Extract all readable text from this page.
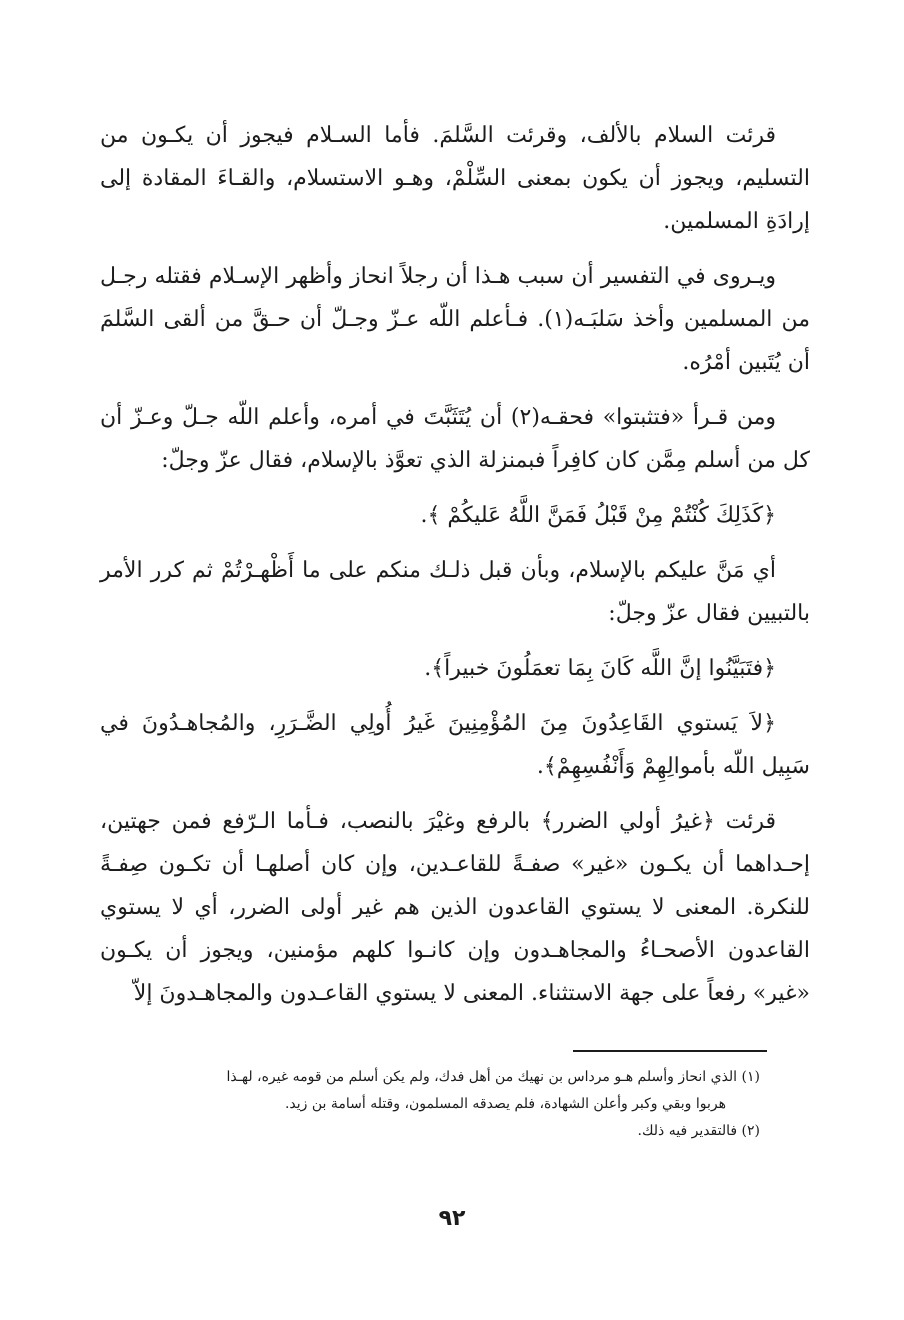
قرئت السلام بالألف، وقرئت السَّلمَ. فأما السـلام فيجوز أن يكـون من التسليم، ويجوز أن يكون بمعنى السِّلْمْ، وهـو الاستسلام، والقـاءَ المقادة إلى إرادَةِ المسلمين.

ويـروى في التفسير أن سبب هـذا أن رجلاً انحاز وأظهر الإسـلام فقتله رجـل من المسلمين وأخذ سَلبَـه(١). فـأعلم اللّه عـزّ وجـلّ أن حـقَّ من ألقى السَّلمَ أن يُتَبين أمْرُه.

ومن قـرأ «فتثبتوا» فحقـه(٢) أن يُتَثَبَّتَ في أمره، وأعلم اللّه جـلّ وعـزّ أن كل من أسلم مِمَّن كان كافِراً فبمنزلة الذي تعوَّذ بالإسلام، فقال عزّ وجلّ:

﴿كَذَلِكَ كُنْتُمْ مِنْ قَبْلُ فَمَنَّ اللَّهُ عَليكُمْ ﴾.

أي مَنَّ عليكم بالإسلام، وبأن قبل ذلـك منكم على ما أَظْهـرْتُمْ ثم كرر الأمر بالتبيين فقال عزّ وجلّ:

﴿فتَبَيَّنُوا إنَّ اللَّه كَانَ بِمَا تعمَلُونَ خبيراً﴾.

﴿لاَ يَستوي القَاعِدُونَ مِنَ المُؤْمِنِينَ غَيرُ أُولِي الضَّـرَرِ، والمُجاهـدُونَ في سَبِيل اللّه بأموالِهِمْ وَأَنْفُسِهِمْ﴾.

قرئت ﴿غيرُ أولي الضرر﴾ بالرفع وغيْرَ بالنصب، فـأما الـرّفع فمن جهتين، إحـداهما أن يكـون «غير» صفـةً للقاعـدين، وإن كان أصلهـا أن تكـون صِفـةً للنكرة. المعنى لا يستوي القاعدون الذين هم غير أولى الضرر، أي لا يستوي القاعدون الأصحـاءُ والمجاهـدون وإن كانـوا كلهم مؤمنين، ويجوز أن يكـون «غير» رفعاً على جهة الاستثناء. المعنى لا يستوي القاعـدون والمجاهـدونَ إلاّ

(١) الذي انحاز وأسلم هـو مرداس بن نهيك من أهل فدك، ولم يكن أسلم من قومه غيره، لهـذا

هربوا وبقي وكبر وأعلن الشهادة، فلم يصدقه المسلمون، وقتله أسامة بن زيد.

(٢) فالتقدير فيه ذلك.

٩٢
